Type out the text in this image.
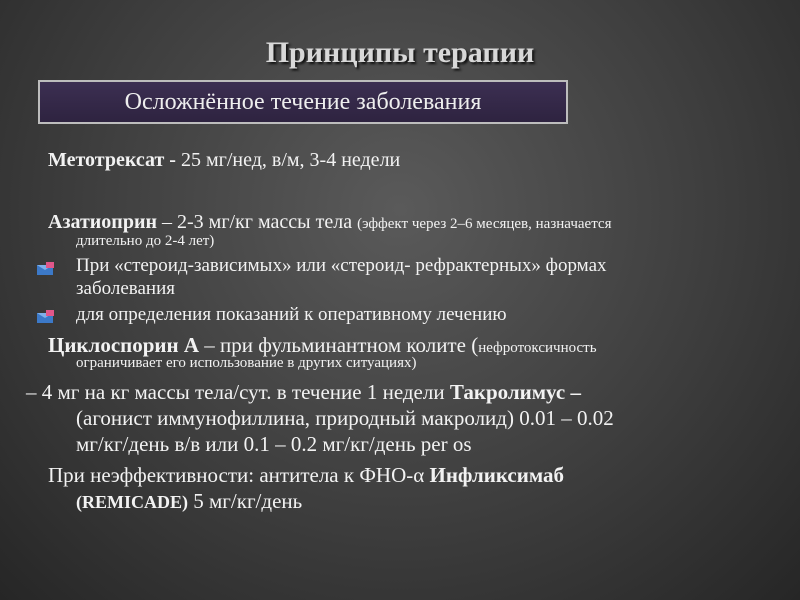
Принципы терапии
Осложнённое течение заболевания
Метотрексат - 25 мг/нед, в/м, 3-4 недели
Азатиоприн – 2-3 мг/кг массы тела (эффект через 2–6 месяцев, назначается
длительно до 2-4 лет)
При «стероид-зависимых» или «стероид- рефрактерных» формах
заболевания
для определения показаний к оперативному лечению
Циклоспорин А – при фульминантном колите (нефротоксичность
ограничивает его использование в других ситуациях)
– 4 мг на кг массы тела/сут. в течение 1 недели Такролимус –
(агонист иммунофиллина, природный макролид) 0.01 – 0.02
мг/кг/день в/в или 0.1 – 0.2 мг/кг/день per os
При неэффективности: антитела к ФНО-α Инфликсимаб
(REMICADE) 5 мг/кг/день
